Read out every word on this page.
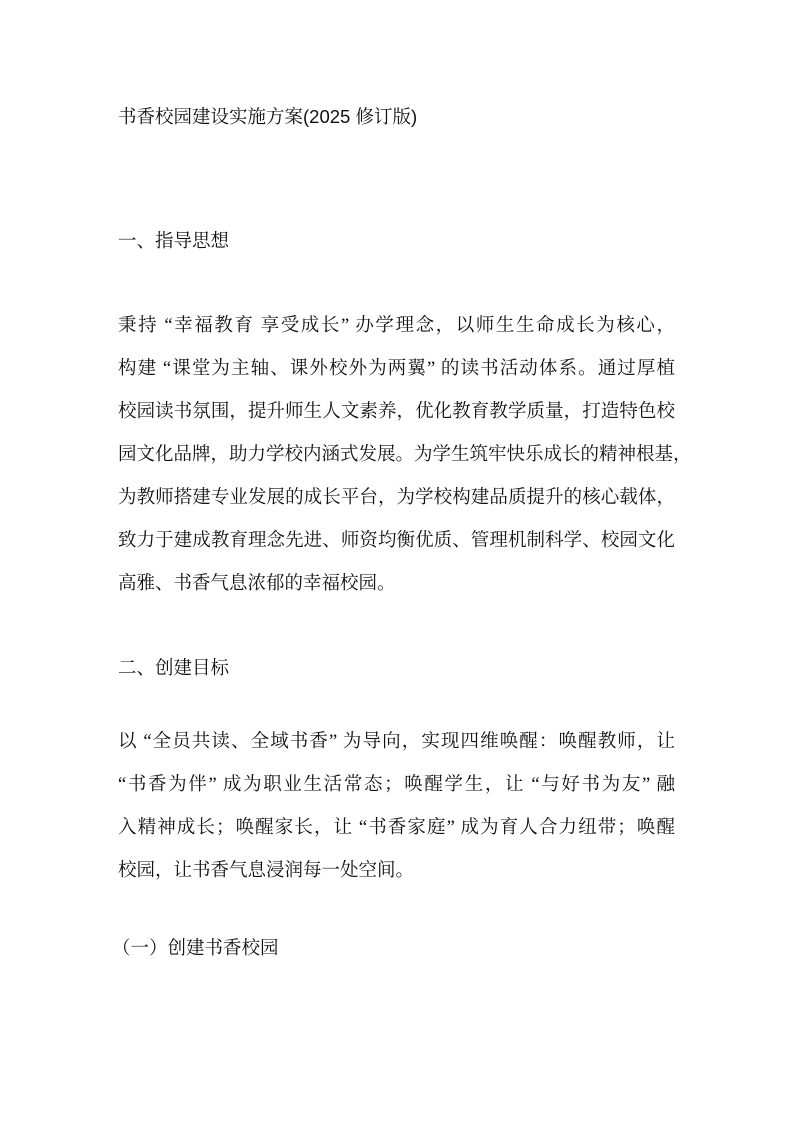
书香校园建设实施方案(2025 修订版)
一、指导思想
秉持 “幸福教育 享受成长” 办学理念，以师生生命成长为核心，
构建 “课堂为主轴、课外校外为两翼” 的读书活动体系。通过厚植
校园读书氛围，提升师生人文素养，优化教育教学质量，打造特色校
园文化品牌，助力学校内涵式发展。为学生筑牢快乐成长的精神根基，
为教师搭建专业发展的成长平台，为学校构建品质提升的核心载体，
致力于建成教育理念先进、师资均衡优质、管理机制科学、校园文化
高雅、书香气息浓郁的幸福校园。
二、创建目标
以 “全员共读、全域书香” 为导向，实现四维唤醒：唤醒教师，让
“书香为伴” 成为职业生活常态；唤醒学生，让 “与好书为友” 融
入精神成长；唤醒家长，让 “书香家庭” 成为育人合力纽带；唤醒
校园，让书香气息浸润每一处空间。
（一）创建书香校园
